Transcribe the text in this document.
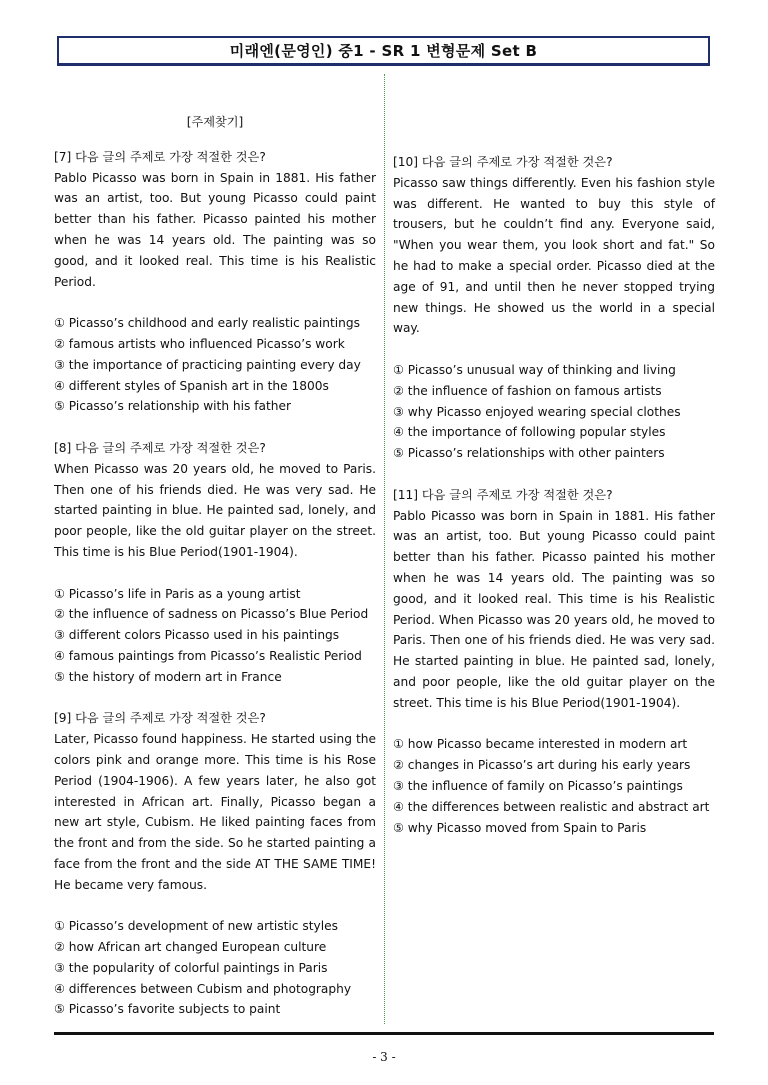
미래엔(문영인) 중1 - SR 1 변형문제 Set B
[주제찾기]
[7] 다음 글의 주제로 가장 적절한 것은?
Pablo Picasso was born in Spain in 1881. His father was an artist, too. But young Picasso could paint better than his father. Picasso painted his mother when he was 14 years old. The painting was so good, and it looked real. This time is his Realistic Period.
① Picasso’s childhood and early realistic paintings
② famous artists who influenced Picasso’s work
③ the importance of practicing painting every day
④ different styles of Spanish art in the 1800s
⑤ Picasso’s relationship with his father
[8] 다음 글의 주제로 가장 적절한 것은?
When Picasso was 20 years old, he moved to Paris. Then one of his friends died. He was very sad. He started painting in blue. He painted sad, lonely, and poor people, like the old guitar player on the street. This time is his Blue Period(1901-1904).
① Picasso’s life in Paris as a young artist
② the influence of sadness on Picasso’s Blue Period
③ different colors Picasso used in his paintings
④ famous paintings from Picasso’s Realistic Period
⑤ the history of modern art in France
[9] 다음 글의 주제로 가장 적절한 것은?
Later, Picasso found happiness. He started using the colors pink and orange more. This time is his Rose Period (1904-1906). A few years later, he also got interested in African art. Finally, Picasso began a new art style, Cubism. He liked painting faces from the front and from the side. So he started painting a face from the front and the side AT THE SAME TIME! He became very famous.
① Picasso’s development of new artistic styles
② how African art changed European culture
③ the popularity of colorful paintings in Paris
④ differences between Cubism and photography
⑤ Picasso’s favorite subjects to paint
[10] 다음 글의 주제로 가장 적절한 것은?
Picasso saw things differently. Even his fashion style was different. He wanted to buy this style of trousers, but he couldn’t find any. Everyone said, "When you wear them, you look short and fat." So he had to make a special order. Picasso died at the age of 91, and until then he never stopped trying new things. He showed us the world in a special way.
① Picasso’s unusual way of thinking and living
② the influence of fashion on famous artists
③ why Picasso enjoyed wearing special clothes
④ the importance of following popular styles
⑤ Picasso’s relationships with other painters
[11] 다음 글의 주제로 가장 적절한 것은?
Pablo Picasso was born in Spain in 1881. His father was an artist, too. But young Picasso could paint better than his father. Picasso painted his mother when he was 14 years old. The painting was so good, and it looked real. This time is his Realistic Period. When Picasso was 20 years old, he moved to Paris. Then one of his friends died. He was very sad. He started painting in blue. He painted sad, lonely, and poor people, like the old guitar player on the street. This time is his Blue Period(1901-1904).
① how Picasso became interested in modern art
② changes in Picasso’s art during his early years
③ the influence of family on Picasso’s paintings
④ the differences between realistic and abstract art
⑤ why Picasso moved from Spain to Paris
- 3 -
